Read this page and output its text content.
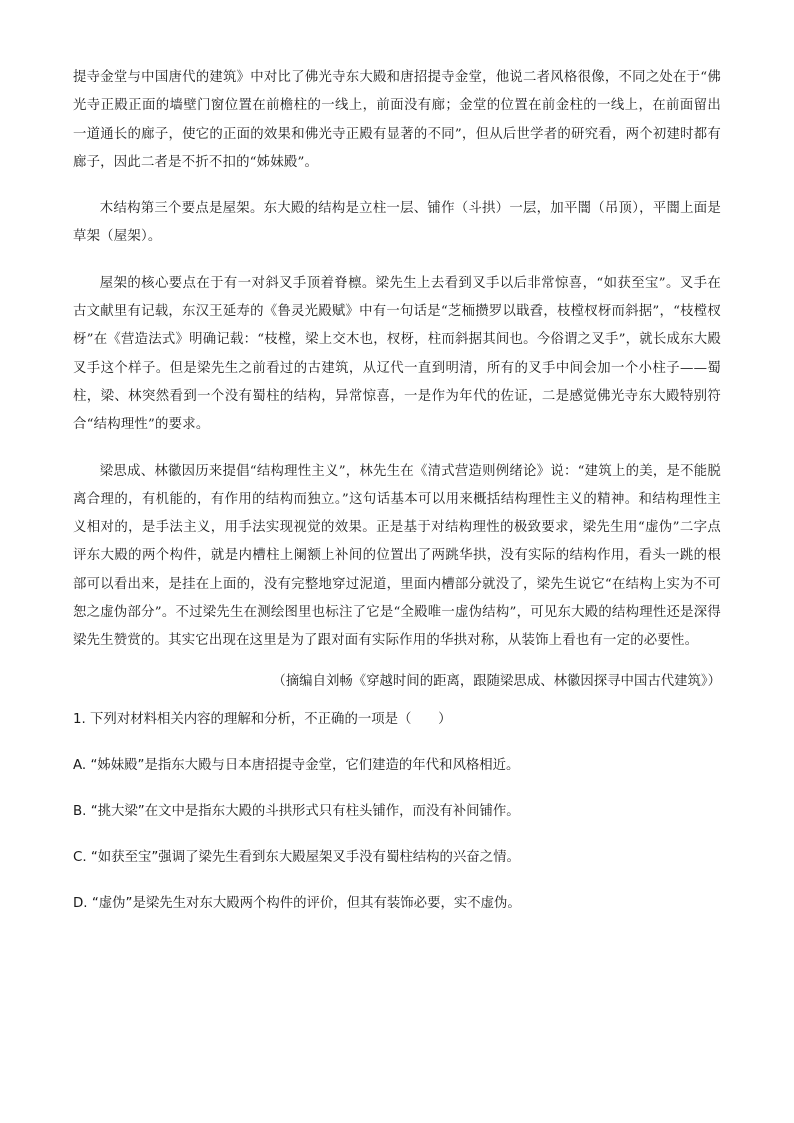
提寺金堂与中国唐代的建筑》中对比了佛光寺东大殿和唐招提寺金堂，他说二者风格很像，不同之处在于“佛光寺正殿正面的墙壁门窗位置在前檐柱的一线上，前面没有廊；金堂的位置在前金柱的一线上，在前面留出一道通长的廊子，使它的正面的效果和佛光寺正殿有显著的不同”，但从后世学者的研究看，两个初建时都有廊子，因此二者是不折不扣的“姊妹殿”。

木结构第三个要点是屋架。东大殿的结构是立柱一层、铺作（斗拱）一层，加平闇（吊顶），平闇上面是草架（屋架）。

屋架的核心要点在于有一对斜叉手顶着脊檩。梁先生上去看到叉手以后非常惊喜，“如获至宝”。叉手在古文献里有记载，东汉王延寿的《鲁灵光殿赋》中有一句话是“芝栭攒罗以戢孴，枝樘杈枒而斜据”，“枝樘杈枒”在《营造法式》明确记载：“枝樘，梁上交木也，杈枒，柱而斜据其间也。今俗谓之叉手”，就长成东大殿叉手这个样子。但是梁先生之前看过的古建筑，从辽代一直到明清，所有的叉手中间会加一个小柱子——蜀柱，梁、林突然看到一个没有蜀柱的结构，异常惊喜，一是作为年代的佐证，二是感觉佛光寺东大殿特别符合“结构理性”的要求。

梁思成、林徽因历来提倡“结构理性主义”，林先生在《清式营造则例绪论》说：“建筑上的美，是不能脱离合理的，有机能的，有作用的结构而独立。”这句话基本可以用来概括结构理性主义的精神。和结构理性主义相对的，是手法主义，用手法实现视觉的效果。正是基于对结构理性的极致要求，梁先生用“虚伪”二字点评东大殿的两个构件，就是内槽柱上阑额上补间的位置出了两跳华拱，没有实际的结构作用，看头一跳的根部可以看出来，是挂在上面的，没有完整地穿过泥道，里面内槽部分就没了，梁先生说它“在结构上实为不可恕之虚伪部分”。不过梁先生在测绘图里也标注了它是“全殿唯一虚伪结构”，可见东大殿的结构理性还是深得梁先生赞赏的。其实它出现在这里是为了跟对面有实际作用的华拱对称，从装饰上看也有一定的必要性。

（摘编自刘畅《穿越时间的距离，跟随梁思成、林徽因探寻中国古代建筑》）

1. 下列对材料相关内容的理解和分析，不正确的一项是（　　）

A. “姊妹殿”是指东大殿与日本唐招提寺金堂，它们建造的年代和风格相近。

B. “挑大梁”在文中是指东大殿的斗拱形式只有柱头铺作，而没有补间铺作。

C. “如获至宝”强调了梁先生看到东大殿屋架叉手没有蜀柱结构的兴奋之情。

D. “虚伪”是梁先生对东大殿两个构件的评价，但其有装饰必要，实不虚伪。
